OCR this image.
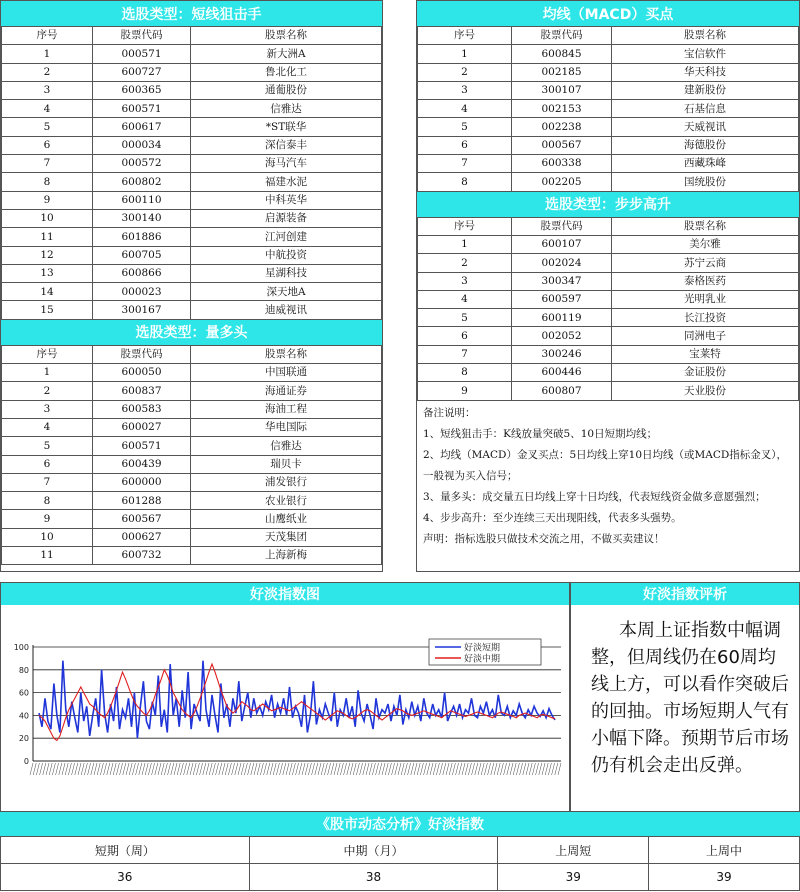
选股类型：短线狙击手
序号	股票代码	股票名称
1	000571	新大洲A
2	600727	鲁北化工
3	600365	通葡股份
4	600571	信雅达
5	600617	*ST联华
6	000034	深信泰丰
7	000572	海马汽车
8	600802	福建水泥
9	600110	中科英华
10	300140	启源装备
11	601886	江河创建
12	600705	中航投资
13	600866	星湖科技
14	000023	深天地A
15	300167	迪威视讯
选股类型：量多头
序号	股票代码	股票名称
1	600050	中国联通
2	600837	海通证券
3	600583	海油工程
4	600027	华电国际
5	600571	信雅达
6	600439	瑞贝卡
7	600000	浦发银行
8	601288	农业银行
9	600567	山鹰纸业
10	000627	天茂集团
11	600732	上海新梅
均线（MACD）买点
序号	股票代码	股票名称
1	600845	宝信软件
2	002185	华天科技
3	300107	建新股份
4	002153	石基信息
5	002238	天威视讯
6	000567	海德股份
7	600338	西藏珠峰
8	002205	国统股份
选股类型：步步高升
序号	股票代码	股票名称
1	600107	美尔雅
2	002024	苏宁云商
3	300347	泰格医药
4	600597	光明乳业
5	600119	长江投资
6	002052	同洲电子
7	300246	宝莱特
8	600446	金证股份
9	600807	天业股份

备注说明：

1、短线狙击手：K线放量突破5、10日短期均线；

2、均线（MACD）金叉买点：5日均线上穿10日均线（或MACD指标金叉），一般视为买入信号；

3、量多头：成交量五日均线上穿十日均线，代表短线资金做多意愿强烈；

4、步步高升：至少连续三天出现阳线，代表多头强势。

声明：指标选股只做技术交流之用，不做买卖建议！

好淡指数图
0
20
40
60
80
100	好淡短期
好淡中期
好淡指数评析
本周上证指数中幅调整，但周线仍在60周均线上方，可以看作突破后的回抽。市场短期人气有小幅下降。预期节后市场仍有机会走出反弹。
《股市动态分析》好淡指数
短期（周）	中期（月）	上周短	上周中
36	38	39	39
